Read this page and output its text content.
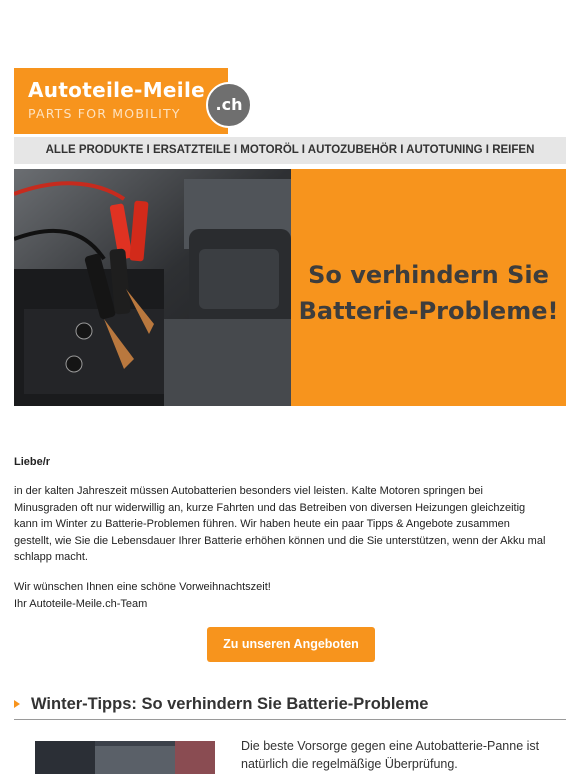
Autoteile-Meile
PARTS FOR MOBILITY	.ch
ALLE PRODUKTE I ERSATZTEILE I MOTORÖL I AUTOZUBEHÖR I AUTOTUNING I REIFEN
So verhindern Sie
Batterie-Probleme!
Liebe/r

in der kalten Jahreszeit müssen Autobatterien besonders viel leisten. Kalte Motoren springen bei Minusgraden oft nur widerwillig an, kurze Fahrten und das Betreiben von diversen Heizungen gleichzeitig kann im Winter zu Batterie-Problemen führen. Wir haben heute ein paar Tipps & Angebote zusammen gestellt, wie Sie die Lebensdauer Ihrer Batterie erhöhen können und die Sie unterstützen, wenn der Akku mal schlapp macht.

Wir wünschen Ihnen eine schöne Vorweihnachtszeit!

Ihr Autoteile-Meile.ch-Team

Zu unseren Angeboten
Winter-Tipps: So verhindern Sie Batterie-Probleme

Die beste Vorsorge gegen eine Autobatterie-Panne ist natürlich die regelmäßige Überprüfung.
